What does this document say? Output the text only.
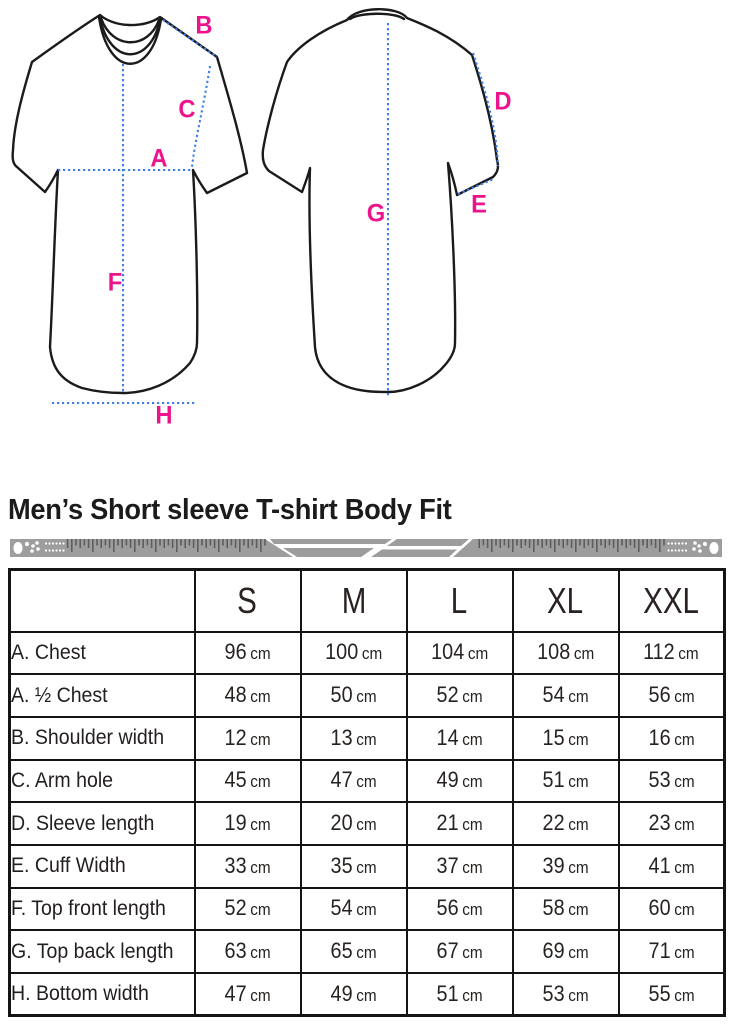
B
C
A
F
H
D
E
G
Men’s Short sleeve T-shirt Body Fit
	S	M	L	XL	XXL
A. Chest	96 cm	100 cm	104 cm	108 cm	112 cm
A. ½ Chest	48 cm	50 cm	52 cm	54 cm	56 cm
B. Shoulder width	12 cm	13 cm	14 cm	15 cm	16 cm
C. Arm hole	45 cm	47 cm	49 cm	51 cm	53 cm
D. Sleeve length	19 cm	20 cm	21 cm	22 cm	23 cm
E. Cuff Width	33 cm	35 cm	37 cm	39 cm	41 cm
F. Top front length	52 cm	54 cm	56 cm	58 cm	60 cm
G. Top back length	63 cm	65 cm	67 cm	69 cm	71 cm
H. Bottom width	47 cm	49 cm	51 cm	53 cm	55 cm
